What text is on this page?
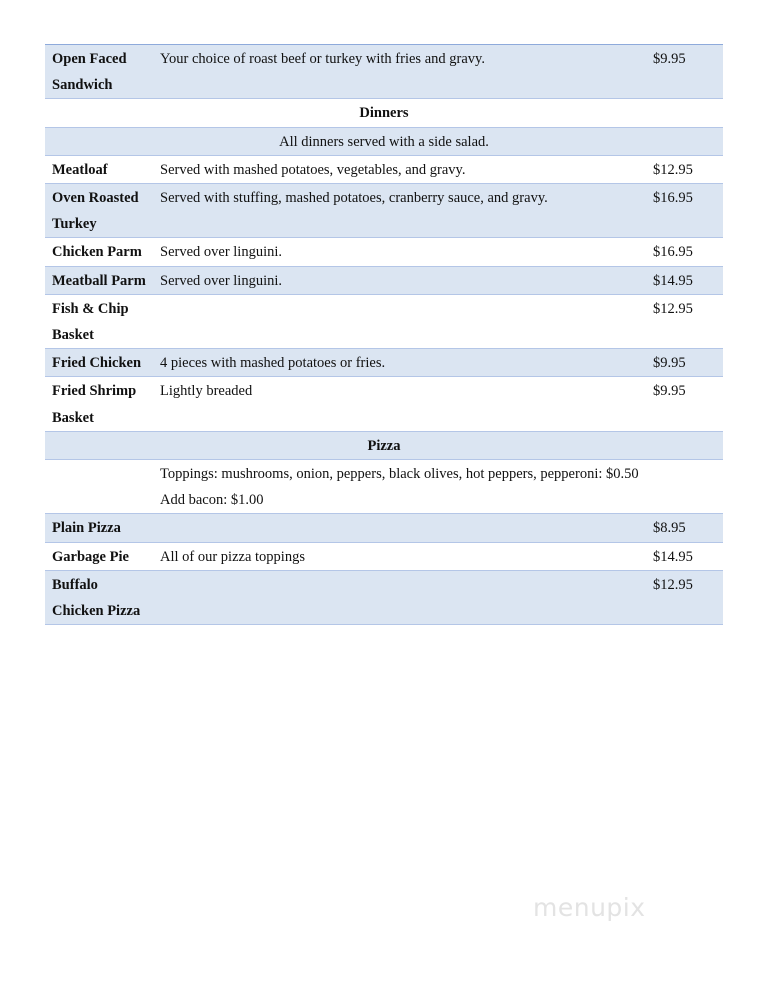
Open Faced Sandwich	Your choice of roast beef or turkey with fries and gravy.	$9.95
Dinners		
All dinners served with a side salad.		
Meatloaf	Served with mashed potatoes, vegetables, and gravy.	$12.95
Oven Roasted Turkey	Served with stuffing, mashed potatoes, cranberry sauce, and gravy.	$16.95
Chicken Parm	Served over linguini.	$16.95
Meatball Parm	Served over linguini.	$14.95
Fish & Chip Basket		$12.95
Fried Chicken	4 pieces with mashed potatoes or fries.	$9.95
Fried Shrimp Basket	Lightly breaded	$9.95
Pizza		

	Toppings: mushrooms, onion, peppers, black olives, hot peppers, pepperoni: $0.50
Add bacon: $1.00	

Plain Pizza		$8.95
Garbage Pie	All of our pizza toppings	$14.95
Buffalo Chicken Pizza		$12.95
menupix
